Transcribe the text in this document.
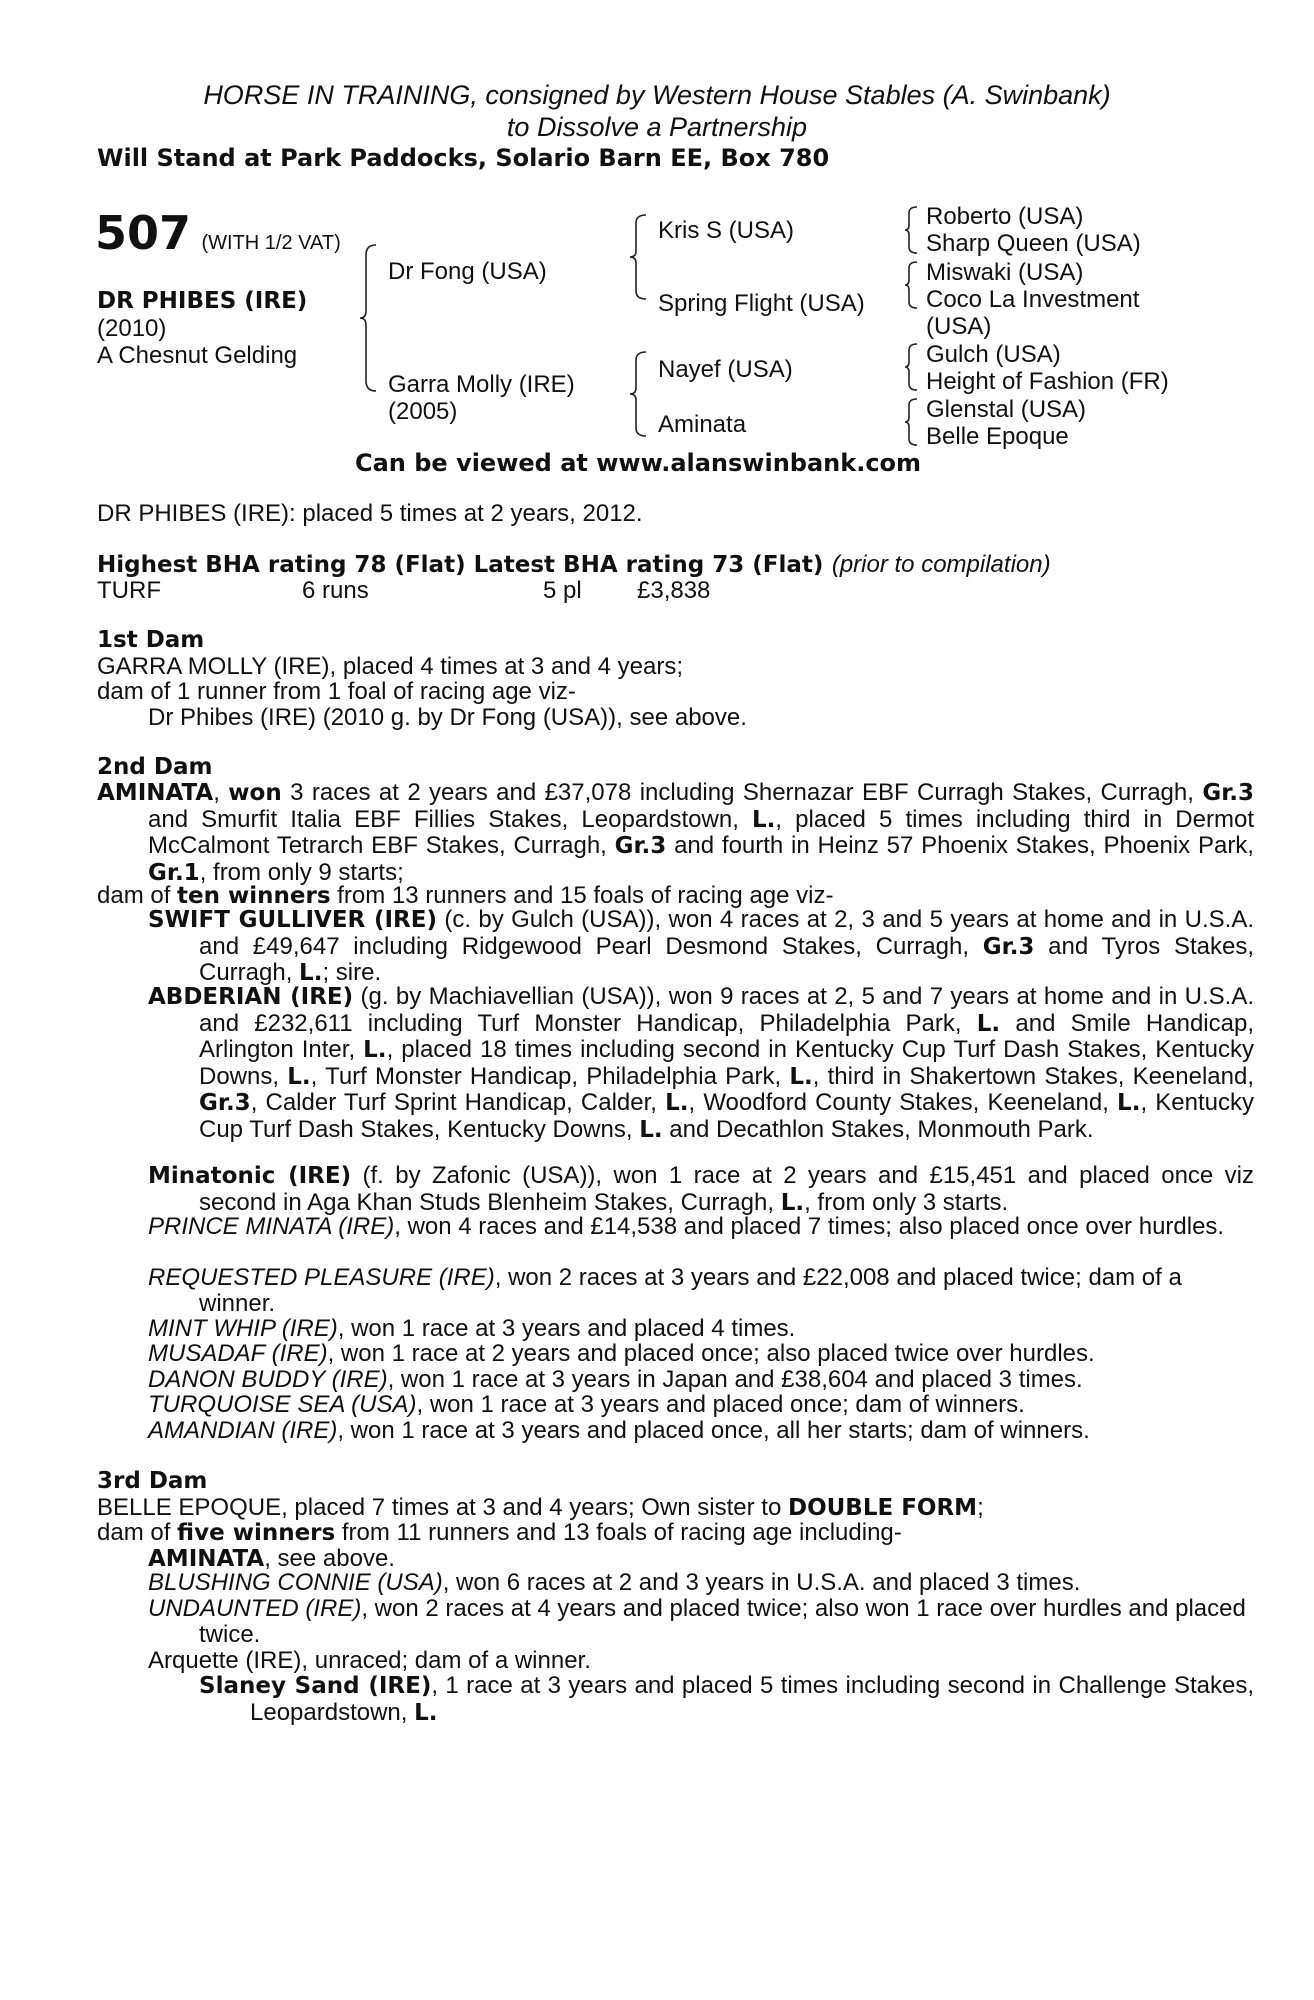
HORSE IN TRAINING, consigned by Western House Stables (A. Swinbank)
to Dissolve a Partnership
Will Stand at Park Paddocks, Solario Barn EE, Box 780
507 (WITH 1/2 VAT)
DR PHIBES (IRE)
(2010)
A Chesnut Gelding
Dr Fong (USA)
Garra Molly (IRE)
(2005)
Kris S (USA)
Spring Flight (USA)
Nayef (USA)
Aminata
Roberto (USA)
Sharp Queen (USA)
Miswaki (USA)
Coco La Investment
(USA)
Gulch (USA)
Height of Fashion (FR)
Glenstal (USA)
Belle Epoque
Can be viewed at www.alanswinbank.com
DR PHIBES (IRE): placed 5 times at 2 years, 2012.
Highest BHA rating 78 (Flat) Latest BHA rating 73 (Flat) (prior to compilation)
TURF	6 runs	5 pl £3,838
1st Dam
GARRA MOLLY (IRE), placed 4 times at 3 and 4 years;
dam of 1 runner from 1 foal of racing age viz-
Dr Phibes (IRE) (2010 g. by Dr Fong (USA)), see above.
2nd Dam
AMINATA, won 3 races at 2 years and £37,078 including Shernazar EBF Curragh Stakes, Curragh, Gr.3 and Smurfit Italia EBF Fillies Stakes, Leopardstown, L., placed 5 times including third in Dermot McCalmont Tetrarch EBF Stakes, Curragh, Gr.3 and fourth in Heinz 57 Phoenix Stakes, Phoenix Park, Gr.1, from only 9 starts;
dam of ten winners from 13 runners and 15 foals of racing age viz-
SWIFT GULLIVER (IRE) (c. by Gulch (USA)), won 4 races at 2, 3 and 5 years at home and in U.S.A. and £49,647 including Ridgewood Pearl Desmond Stakes, Curragh, Gr.3 and Tyros Stakes, Curragh, L.; sire.
ABDERIAN (IRE) (g. by Machiavellian (USA)), won 9 races at 2, 5 and 7 years at home and in U.S.A. and £232,611 including Turf Monster Handicap, Philadelphia Park, L. and Smile Handicap, Arlington Inter, L., placed 18 times including second in Kentucky Cup Turf Dash Stakes, Kentucky Downs, L., Turf Monster Handicap, Philadelphia Park, L., third in Shakertown Stakes, Keeneland, Gr.3, Calder Turf Sprint Handicap, Calder, L., Woodford County Stakes, Keeneland, L., Kentucky Cup Turf Dash Stakes, Kentucky Downs, L. and Decathlon Stakes, Monmouth Park.
Minatonic (IRE) (f. by Zafonic (USA)), won 1 race at 2 years and £15,451 and placed once viz second in Aga Khan Studs Blenheim Stakes, Curragh, L., from only 3 starts.
PRINCE MINATA (IRE), won 4 races and £14,538 and placed 7 times; also placed once over hurdles.
REQUESTED PLEASURE (IRE), won 2 races at 3 years and £22,008 and placed twice; dam of a winner.
MINT WHIP (IRE), won 1 race at 3 years and placed 4 times.
MUSADAF (IRE), won 1 race at 2 years and placed once; also placed twice over hurdles.
DANON BUDDY (IRE), won 1 race at 3 years in Japan and £38,604 and placed 3 times.
TURQUOISE SEA (USA), won 1 race at 3 years and placed once; dam of winners.
AMANDIAN (IRE), won 1 race at 3 years and placed once, all her starts; dam of winners.
3rd Dam
BELLE EPOQUE, placed 7 times at 3 and 4 years; Own sister to DOUBLE FORM;
dam of five winners from 11 runners and 13 foals of racing age including-
AMINATA, see above.
BLUSHING CONNIE (USA), won 6 races at 2 and 3 years in U.S.A. and placed 3 times.
UNDAUNTED (IRE), won 2 races at 4 years and placed twice; also won 1 race over hurdles and placed twice.
Arquette (IRE), unraced; dam of a winner.
Slaney Sand (IRE), 1 race at 3 years and placed 5 times including second in Challenge Stakes, Leopardstown, L.
